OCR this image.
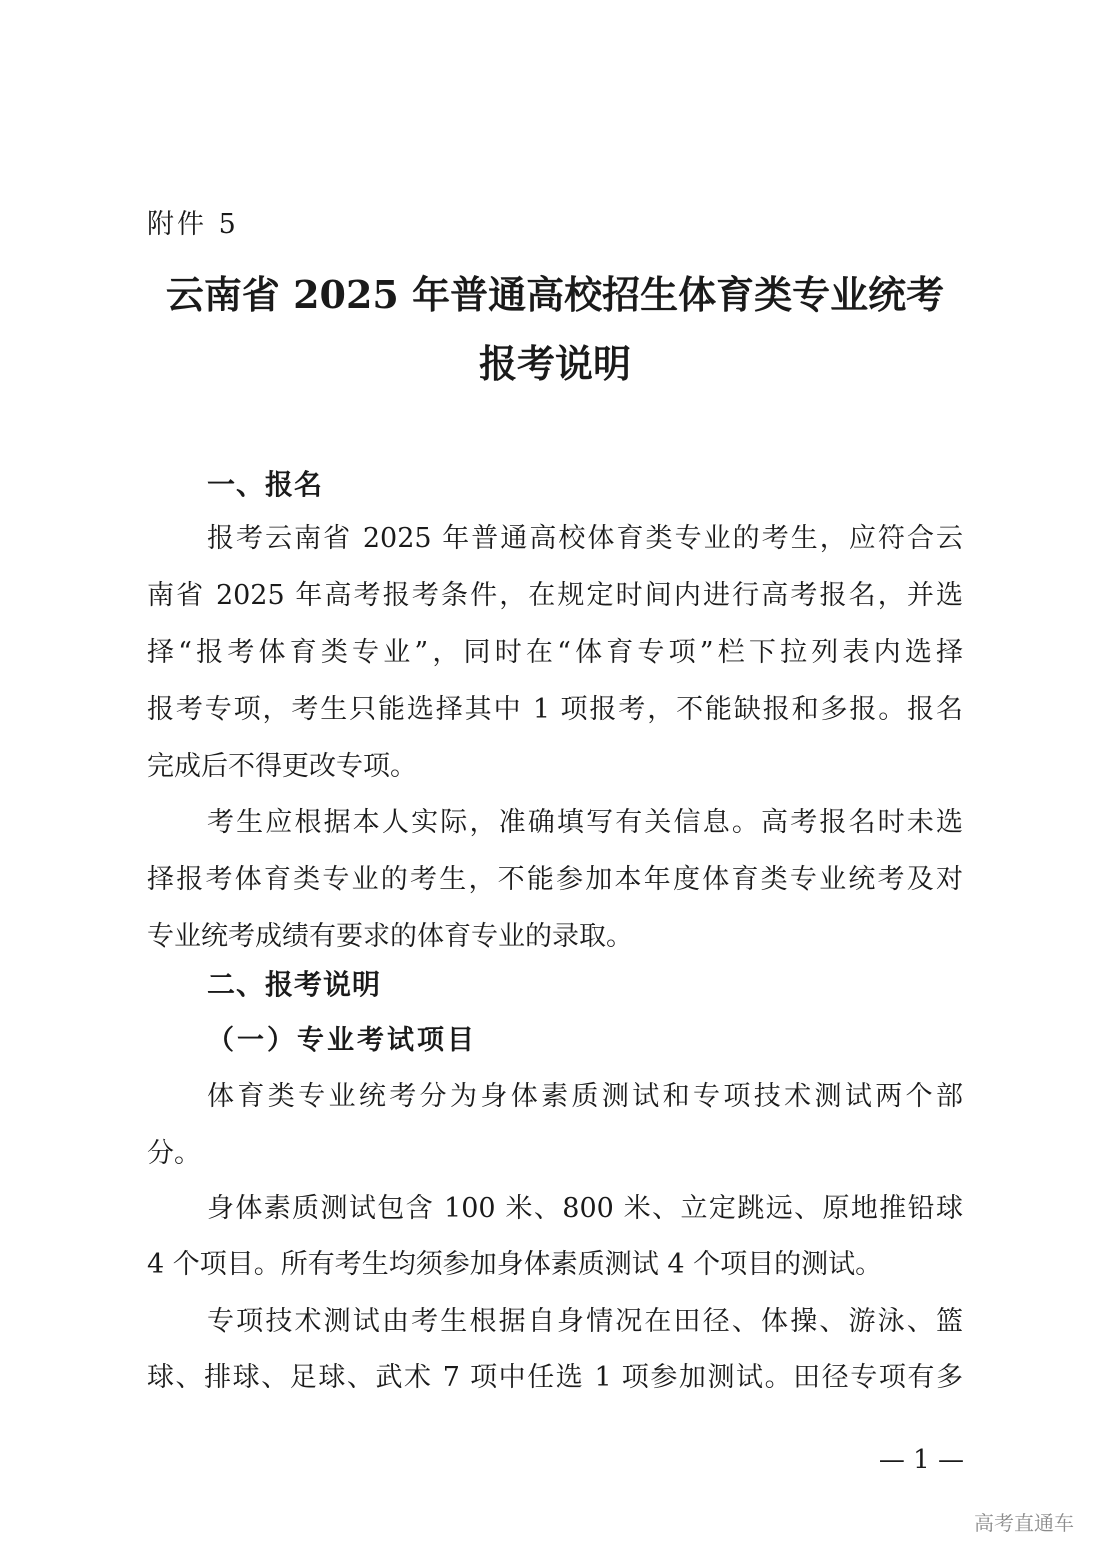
附件 5
云南省 2025 年普通高校招生体育类专业统考
报考说明
一、报名
报考云南省 2025 年普通高校体育类专业的考生，应符合云
南省 2025 年高考报考条件，在规定时间内进行高考报名，并选
择“报考体育类专业”，同时在“体育专项”栏下拉列表内选择
报考专项，考生只能选择其中 1 项报考，不能缺报和多报。报名
完成后不得更改专项。
考生应根据本人实际，准确填写有关信息。高考报名时未选
择报考体育类专业的考生，不能参加本年度体育类专业统考及对
专业统考成绩有要求的体育专业的录取。
二、报考说明
（一）专业考试项目
体育类专业统考分为身体素质测试和专项技术测试两个部
分。
身体素质测试包含 100 米、800 米、立定跳远、原地推铅球
4 个项目。所有考生均须参加身体素质测试 4 个项目的测试。
专项技术测试由考生根据自身情况在田径、体操、游泳、篮
球、排球、足球、武术 7 项中任选 1 项参加测试。田径专项有多
— 1 —
高考直通车
